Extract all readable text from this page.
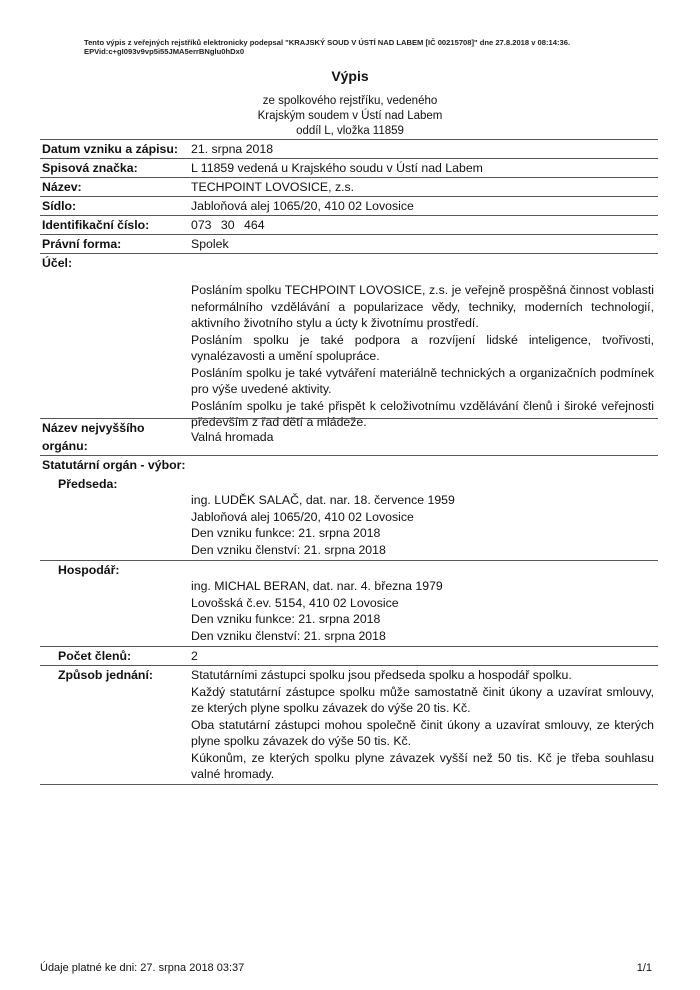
Tento výpis z veřejných rejstříků elektronicky podepsal "KRAJSKÝ SOUD V ÚSTÍ NAD LABEM [IČ 00215708]" dne 27.8.2018 v 08:14:36.
EPVid:c+gI093v9vp5i55JMA5errBNglu0hDx0
Výpis
ze spolkového rejstříku, vedeného
Krajským soudem v Ústí nad Labem
oddíl L, vložka 11859
Datum vzniku a zápisu: 21. srpna 2018
Spisová značka:	L 11859 vedená u Krajského soudu v Ústí nad Labem
Název:	TECHPOINT LOVOSICE, z.s.
Sídlo:	Jabloňová alej 1065/20, 410 02 Lovosice
Identifikační číslo:	073 30 464
Právní forma:	Spolek
Účel:
Posláním spolku TECHPOINT LOVOSICE, z.s. je veřejně prospěšná činnost voblasti neformálního vzdělávání a popularizace vědy, techniky, moderních technologií, aktivního životního stylu a úcty k životnímu prostředí.
Posláním spolku je také podpora a rozvíjení lidské inteligence, tvořivosti, vynalézavosti a umění spolupráce.
Posláním spolku je také vytváření materiálně technických a organizačních podmínek pro výše uvedené aktivity.
Posláním spolku je také přispět k celoživotnímu vzdělávání členů i široké veřejnosti především z řad dětí a mládeže.
Název nejvyššího
orgánu:
Valná hromada
Statutární orgán - výbor:
Předseda:
ing. LUDĚK SALAČ, dat. nar. 18. července 1959
Jabloňová alej 1065/20, 410 02 Lovosice
Den vzniku funkce: 21. srpna 2018
Den vzniku členství: 21. srpna 2018
Hospodář:
ing. MICHAL BERAN, dat. nar. 4. března 1979
Lovošská č.ev. 5154, 410 02 Lovosice
Den vzniku funkce: 21. srpna 2018
Den vzniku členství: 21. srpna 2018
Počet členů:	2
Způsob jednání:	Statutárními zástupci spolku jsou předseda spolku a hospodář spolku.
Každý statutární zástupce spolku může samostatně činit úkony a uzavírat smlouvy, ze kterých plyne spolku závazek do výše 20 tis. Kč.
Oba statutární zástupci mohou společně činit úkony a uzavírat smlouvy, ze kterých plyne spolku závazek do výše 50 tis. Kč.
Kúkonům, ze kterých spolku plyne závazek vyšší než 50 tis. Kč je třeba souhlasu valné hromady.
Údaje platné ke dni: 27. srpna 2018 03:37	1/1
